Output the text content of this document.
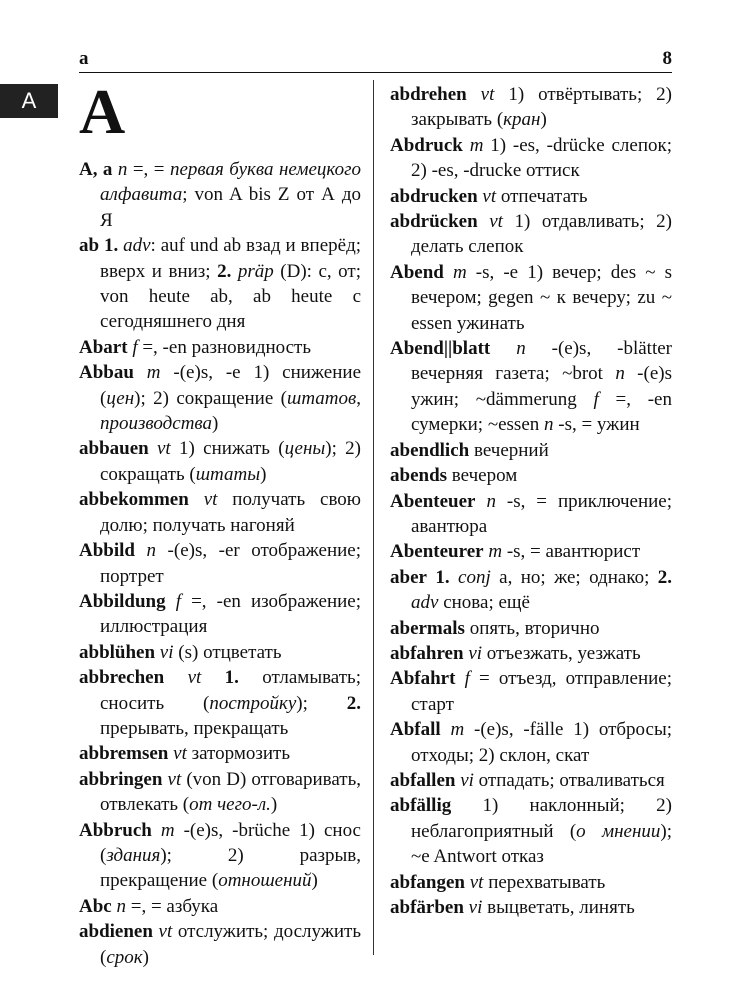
a	8
A A
A, a n =, = первая буква немецкого алфавита; von A bis Z от А до Я
ab 1. adv: auf und ab взад и вперёд; вверх и вниз; 2. präp (D): с, от; von heute ab, ab heute с сегодняшнего дня
Abart f =, -en разновидность
Abbau m -(e)s, -e 1) снижение (цен); 2) сокращение (штатов, производства)
abbauen vt 1) снижать (цены); 2) сокращать (штаты)
abbekommen vt получать свою долю; получать нагоняй
Abbild n -(e)s, -er отображение; портрет
Abbildung f =, -en изображение; иллюстрация
abblühen vi (s) отцветать
abbrechen vt 1. отламывать; сносить (постройку); 2. прерывать, прекращать
abbremsen vt затормозить
abbringen vt (von D) отговаривать, отвлекать (от чего-л.)
Abbruch m -(e)s, -brüche 1) снос (здания); 2) разрыв, прекращение (отношений)
Abc n =, = азбука
abdienen vt отслужить; дослужить (срок)
abdrehen vt 1) отвёртывать; 2) закрывать (кран)
Abdruck m 1) -es, -drücke слепок; 2) -es, -drucke оттиск
abdrucken vt отпечатать
abdrücken vt 1) отдавливать; 2) делать слепок
Abend m -s, -e 1) вечер; des ~ s вечером; gegen ~ к вечеру; zu ~ essen ужинать
Abend||blatt n -(e)s, -blätter вечерняя газета; ~brot n -(e)s ужин; ~dämmerung f =, -en сумерки; ~essen n -s, = ужин
abendlich вечерний
abends вечером
Abenteuer n -s, = приключение; авантюра
Abenteurer m -s, = авантюрист
aber 1. conj а, но; же; однако; 2. adv снова; ещё
abermals опять, вторично
abfahren vi отъезжать, уезжать
Abfahrt f = отъезд, отправление; старт
Abfall m -(e)s, -fälle 1) отбросы; отходы; 2) склон, скат
abfallen vi отпадать; отваливаться
abfällig 1) наклонный; 2) неблагоприятный (о мнении); ~e Antwort отказ
abfangen vt перехватывать
abfärben vi выцветать, линять
